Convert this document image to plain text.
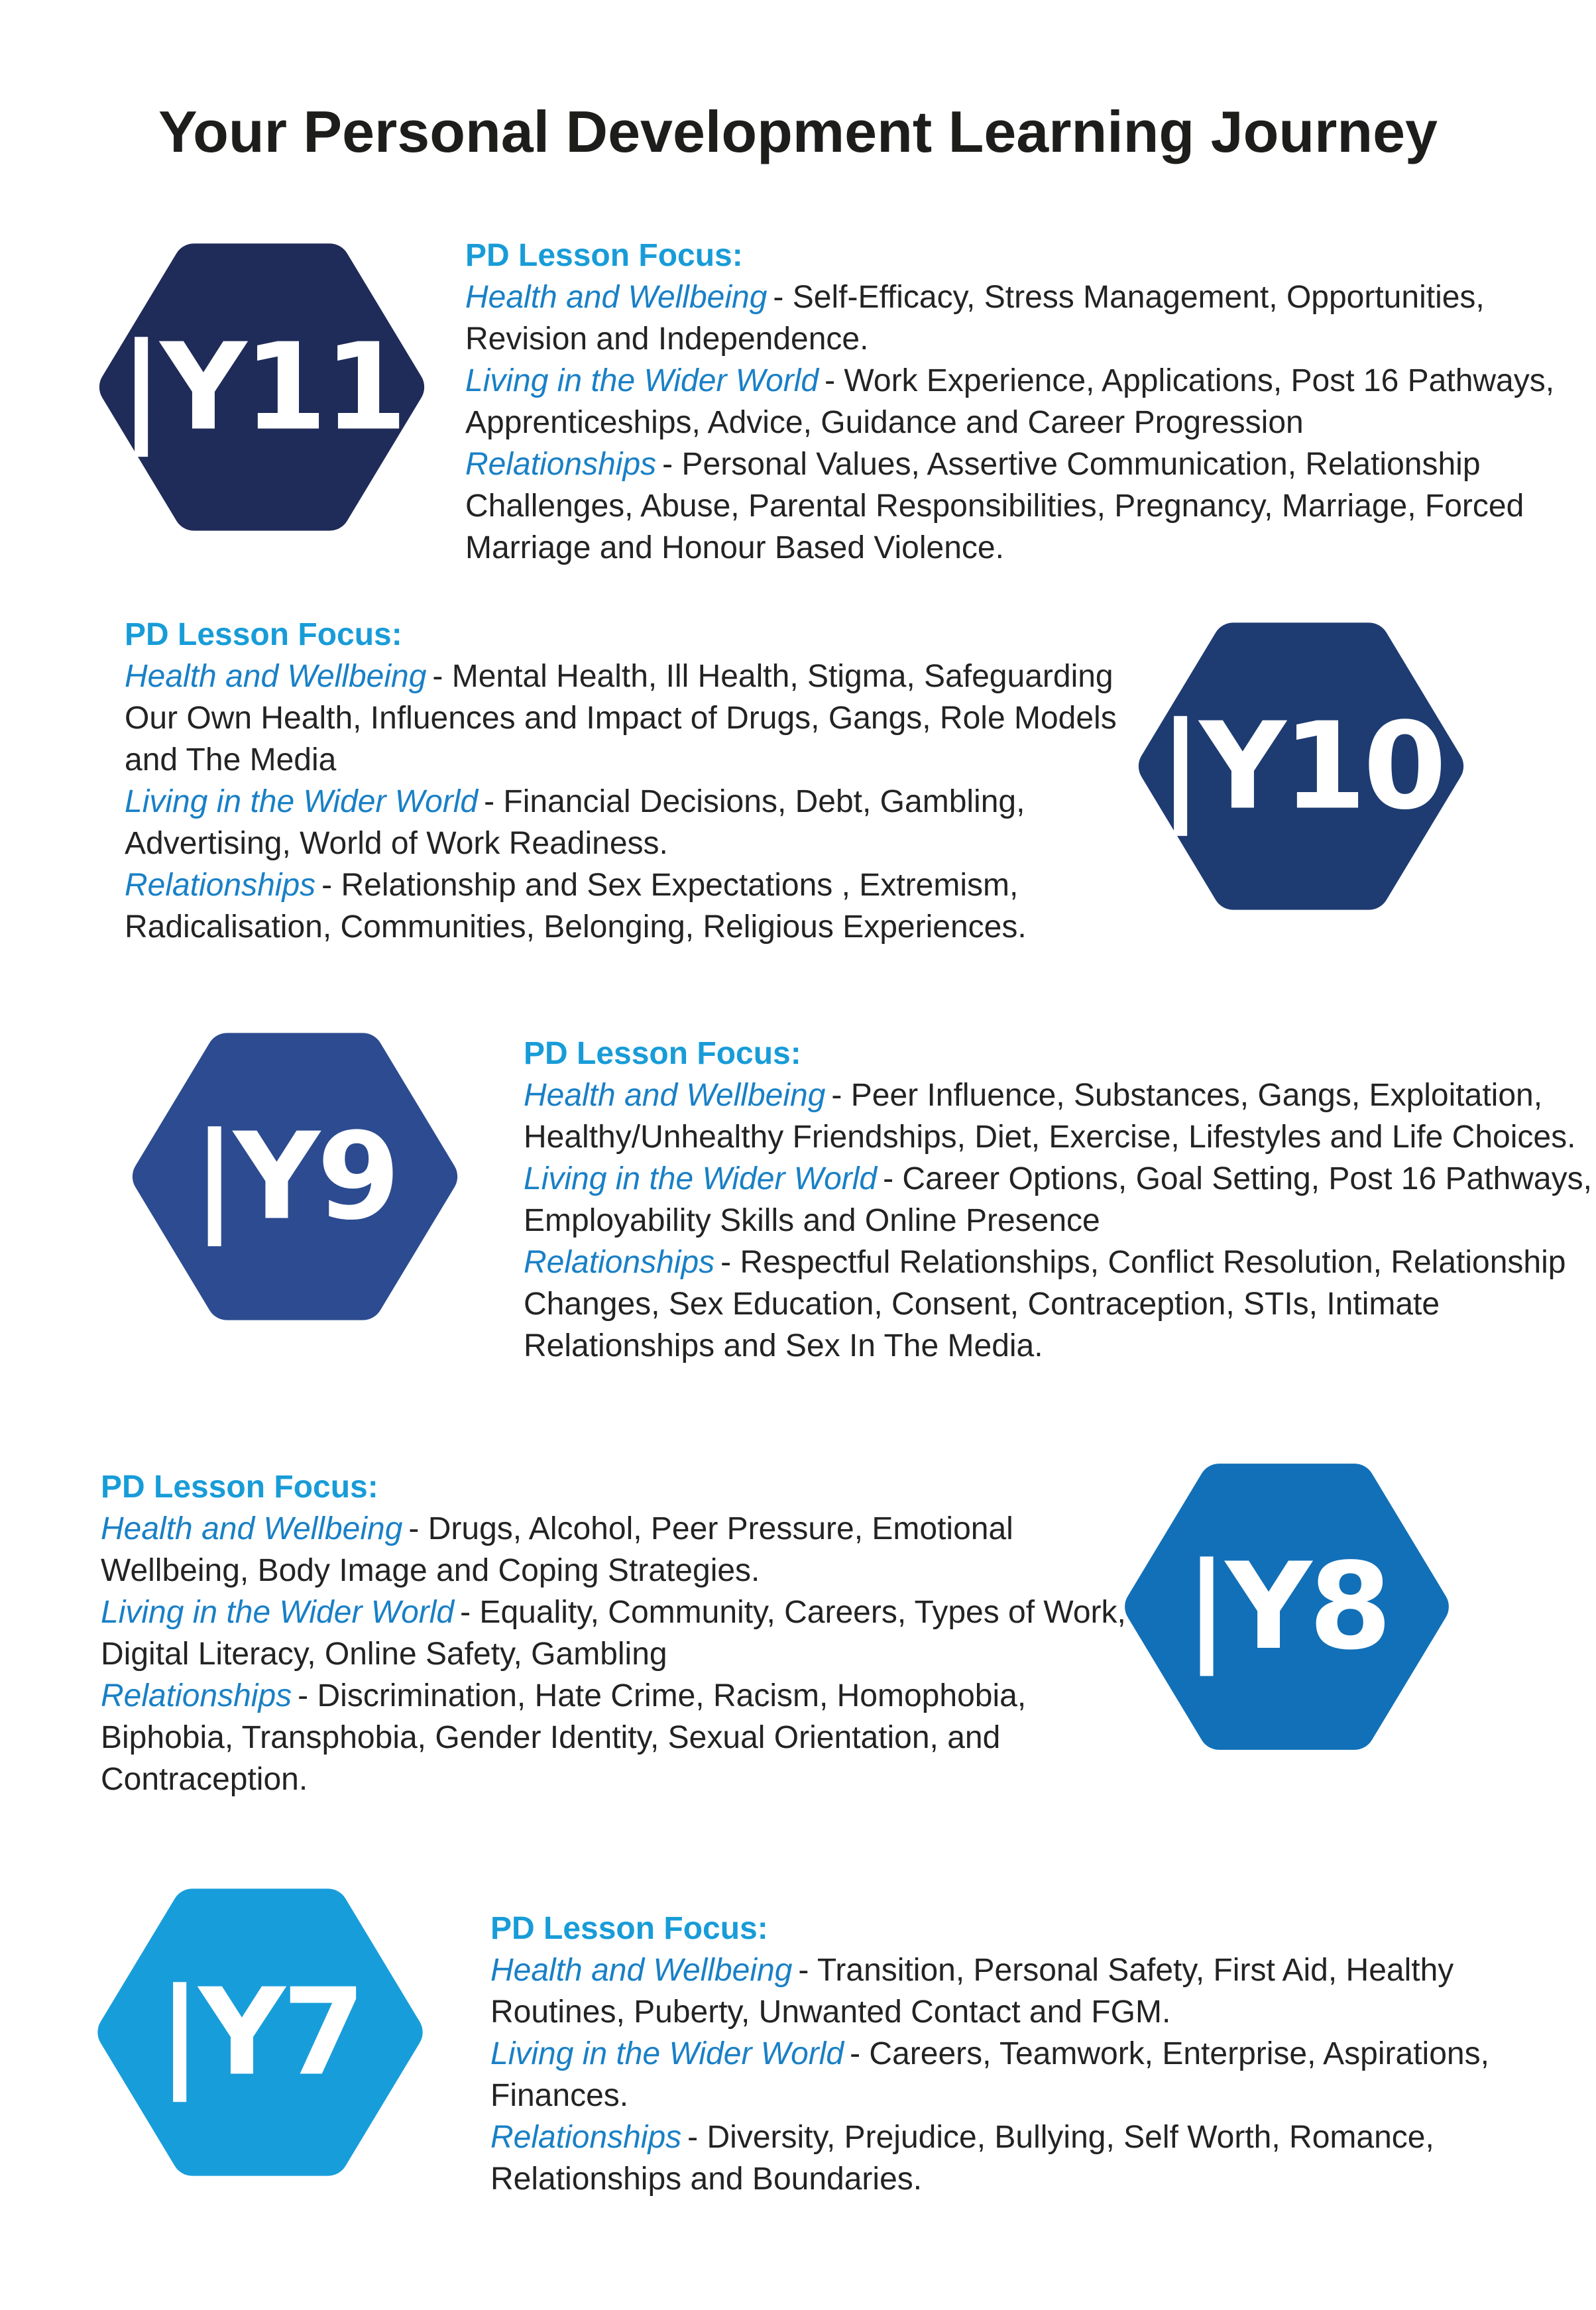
Your Personal Development Learning Journey
|Y11

PD Lesson Focus:

Health and Wellbeing - Self-Efficacy, Stress Management, Opportunities, Revision and Independence.

Living in the Wider World - Work Experience, Applications, Post 16 Pathways, Apprenticeships, Advice, Guidance and Career Progression

Relationships - Personal Values, Assertive Communication, Relationship Challenges, Abuse, Parental Responsibilities, Pregnancy, Marriage, Forced Marriage and Honour Based Violence.

PD Lesson Focus:

Health and Wellbeing - Mental Health, Ill Health, Stigma, Safeguarding Our Own Health, Influences and Impact of Drugs, Gangs, Role Models and The Media

Living in the Wider World - Financial Decisions, Debt, Gambling, Advertising, World of Work Readiness.

Relationships - Relationship and Sex Expectations , Extremism, Radicalisation, Communities, Belonging, Religious Experiences.

|Y10
|Y9

PD Lesson Focus:

Health and Wellbeing - Peer Influence, Substances, Gangs, Exploitation, Healthy/Unhealthy Friendships, Diet, Exercise, Lifestyles and Life Choices.

Living in the Wider World - Career Options, Goal Setting, Post 16 Pathways, Employability Skills and Online Presence

Relationships - Respectful Relationships, Conflict Resolution, Relationship Changes, Sex Education, Consent, Contraception, STIs, Intimate Relationships and Sex In The Media.

PD Lesson Focus:

Health and Wellbeing - Drugs, Alcohol, Peer Pressure, Emotional Wellbeing, Body Image and Coping Strategies.

Living in the Wider World - Equality, Community, Careers, Types of Work, Digital Literacy, Online Safety, Gambling

Relationships - Discrimination, Hate Crime, Racism, Homophobia, Biphobia, Transphobia, Gender Identity, Sexual Orientation, and Contraception.

|Y8
|Y7

PD Lesson Focus:

Health and Wellbeing - Transition, Personal Safety, First Aid, Healthy Routines, Puberty, Unwanted Contact and FGM.

Living in the Wider World - Careers, Teamwork, Enterprise, Aspirations, Finances.

Relationships - Diversity, Prejudice, Bullying, Self Worth, Romance, Relationships and Boundaries.
